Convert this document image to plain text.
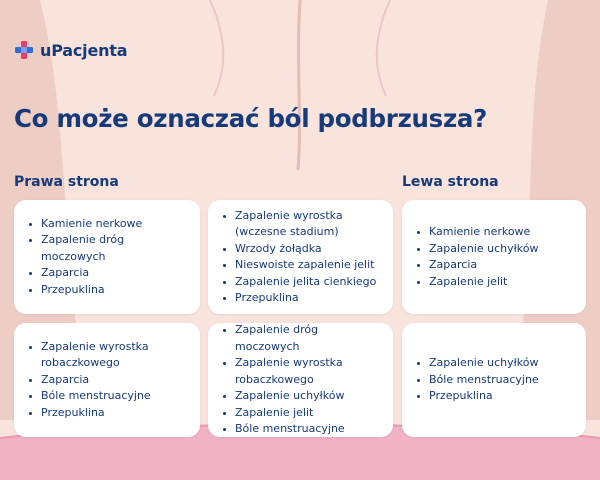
uPacjenta
Co może oznaczać ból podbrzusza?
Prawa strona	Lewa strona
Kamienie nerkowe
Zapalenie dróg moczowych
Zaparcia
Przepuklina
Zapalenie wyrostka (wczesne stadium)
Wrzody żołądka
Nieswoiste zapalenie jelit
Zapalenie jelita cienkiego
Przepuklina
Kamienie nerkowe
Zapalenie uchyłków
Zaparcia
Zapalenie jelit
Zapalenie wyrostka robaczkowego
Zaparcia
Bóle menstruacyjne
Przepuklina
Zapalenie dróg moczowych
Zapalenie wyrostka robaczkowego
Zapalenie uchyłków
Zapalenie jelit
Bóle menstruacyjne
Zapalenie uchyłków
Bóle menstruacyjne
Przepuklina
